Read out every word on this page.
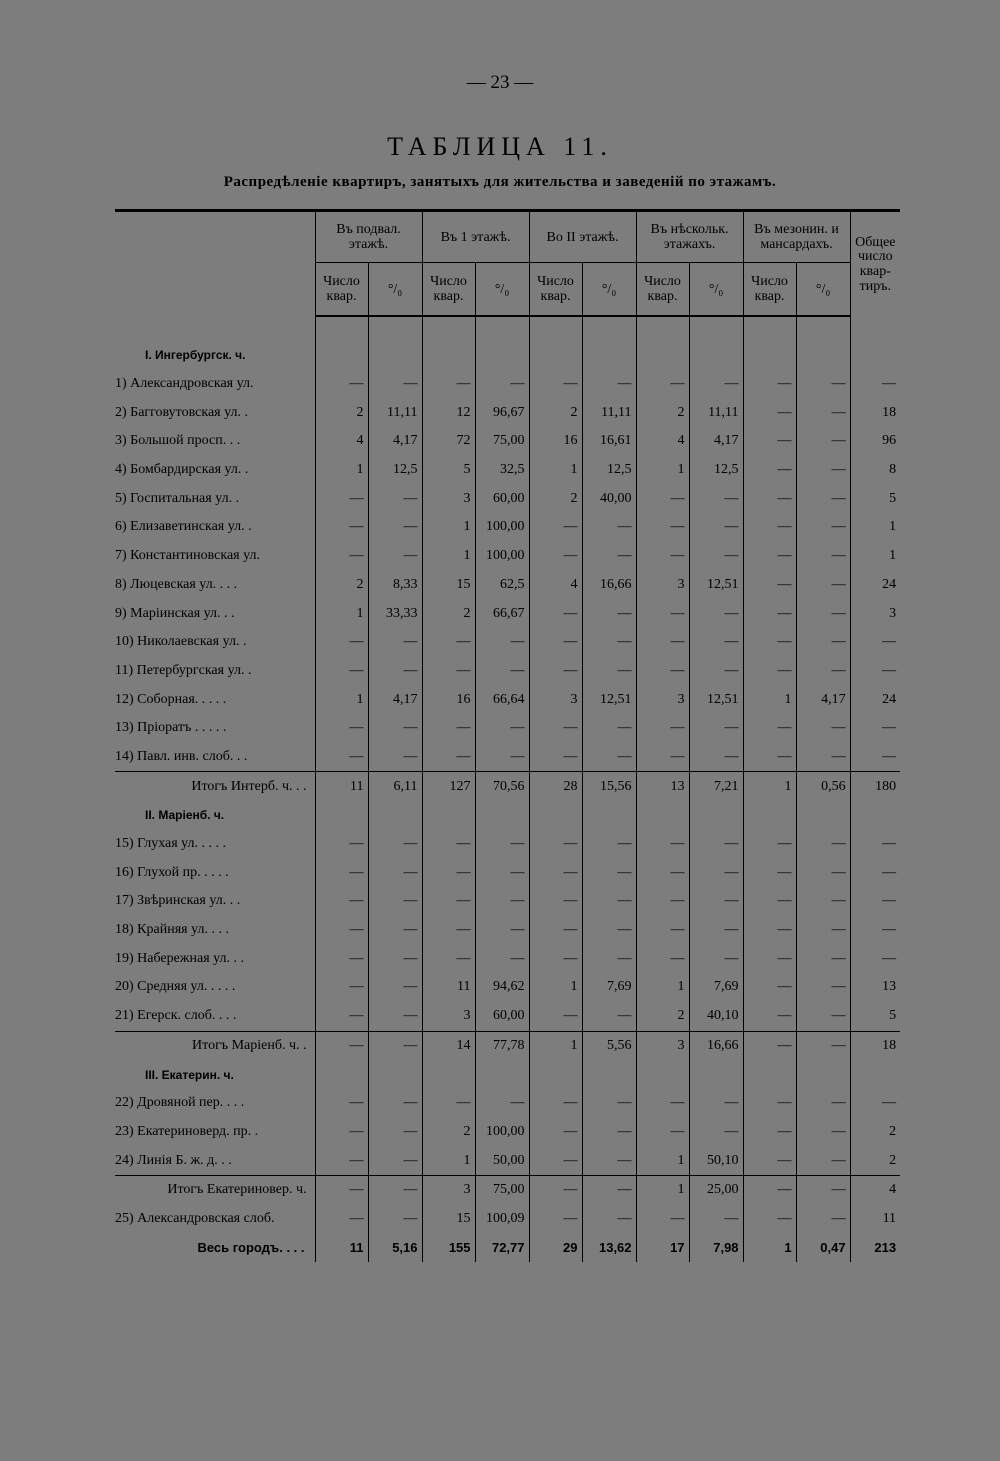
— 23 —
ТАБЛИЦА 11.
Распредѣленіе квартиръ, занятыхъ для жительства и заведеній по этажамъ.
	Въ подвал. этажѣ.		Въ 1 этажѣ.		Во II этажѣ.		Въ нѣскольк. этажахъ.		Въ мезонин. и мансардахъ.		Общее число квар-тиръ.
	Число квар.	°/₀	Число квар.	°/₀	Число квар.	°/₀	Число квар.	°/₀	Число квар.	°/₀	

I. Ингербургск. ч.											
1) Александровская ул.	—	—	—	—	—	—	—	—	—	—	—
2) Багговутовская ул. .	2	11,11	12	96,67	2	11,11	2	11,11	—	—	18
3) Большой просп. . .	4	4,17	72	75,00	16	16,61	4	4,17	—	—	96
4) Бомбардирская ул. .	1	12,5	5	32,5	1	12,5	1	12,5	—	—	8
5) Госпитальная ул. .	—	—	3	60,00	2	40,00	—	—	—	—	5
6) Елизаветинская ул. .	—	—	1	100,00	—	—	—	—	—	—	1
7) Константиновская ул.	—	—	1	100,00	—	—	—	—	—	—	1
8) Люцевская ул. . . .	2	8,33	15	62,5	4	16,66	3	12,51	—	—	24
9) Маріинская ул. . .	1	33,33	2	66,67	—	—	—	—	—	—	3
10) Николаевская ул. .	—	—	—	—	—	—	—	—	—	—	—
11) Петербургская ул. .	—	—	—	—	—	—	—	—	—	—	—
12) Соборная. . . . .	1	4,17	16	66,64	3	12,51	3	12,51	1	4,17	24
13) Пріоратъ . . . . .	—	—	—	—	—	—	—	—	—	—	—
14) Павл. инв. слоб. . .	—	—	—	—	—	—	—	—	—	—	—
Итогъ Интерб. ч. . .	11	6,11	127	70,56	28	15,56	13	7,21	1	0,56	180
II. Маріенб. ч.											
15) Глухая ул. . . . .	—	—	—	—	—	—	—	—	—	—	—
16) Глухой пр. . . . .	—	—	—	—	—	—	—	—	—	—	—
17) Звѣринская ул. . .	—	—	—	—	—	—	—	—	—	—	—
18) Крайняя ул. . . .	—	—	—	—	—	—	—	—	—	—	—
19) Набережная ул. . .	—	—	—	—	—	—	—	—	—	—	—
20) Средняя ул. . . . .	—	—	11	94,62	1	7,69	1	7,69	—	—	13
21) Егерск. слоб. . . .	—	—	3	60,00	—	—	2	40,10	—	—	5
Итогъ Маріенб. ч. .	—	—	14	77,78	1	5,56	3	16,66	—	—	18
III. Екатерин. ч.											
22) Дровяной пер. . . .	—	—	—	—	—	—	—	—	—	—	—
23) Екатериноверд. пр. .	—	—	2	100,00	—	—	—	—	—	—	2
24) Линія Б. ж. д. . .	—	—	1	50,00	—	—	1	50,10	—	—	2
Итогъ Екатериновер. ч.	—	—	3	75,00	—	—	1	25,00	—	—	4
25) Александровская слоб.	—	—	15	100,09	—	—	—	—	—	—	11
Весь городъ. . . .	11	5,16	155	72,77	29	13,62	17	7,98	1	0,47	213
